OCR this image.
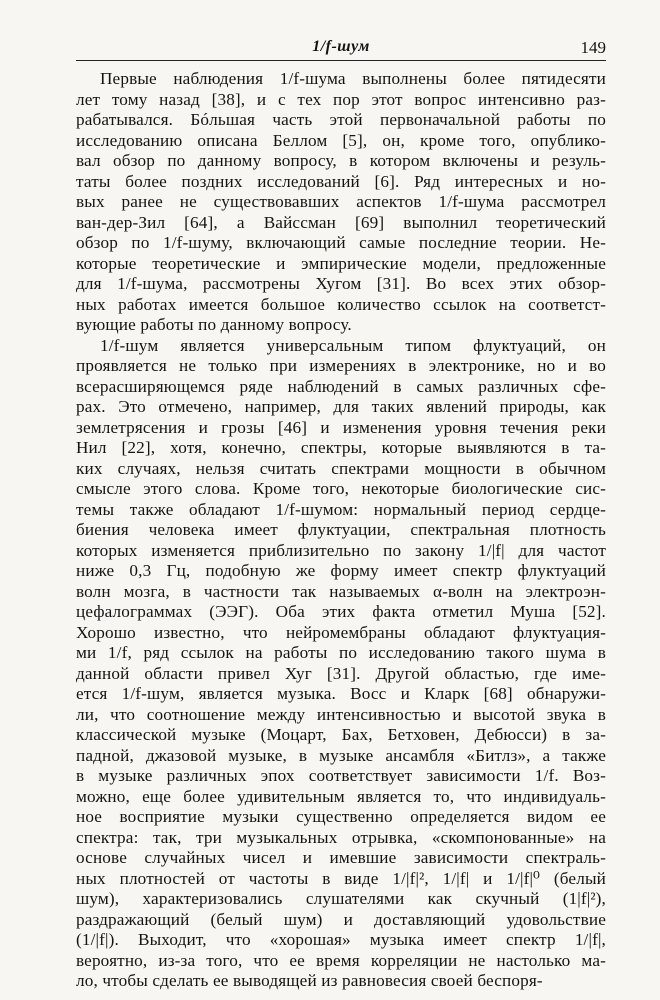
1/f-шум	149
Первые наблюдения 1/f-шума выполнены более пятидесяти
лет тому назад [38], и с тех пор этот вопрос интенсивно раз-
рабатывался. Бóльшая часть этой первоначальной работы по
исследованию описана Беллом [5], он, кроме того, опублико-
вал обзор по данному вопросу, в котором включены и резуль-
таты более поздних исследований [6]. Ряд интересных и но-
вых ранее не существовавших аспектов 1/f-шума рассмотрел
ван-дер-Зил [64], а Вайссман [69] выполнил теоретический
обзор по 1/f-шуму, включающий самые последние теории. Не-
которые теоретические и эмпирические модели, предложенные
для 1/f-шума, рассмотрены Хугом [31]. Во всех этих обзор-
ных работах имеется большое количество ссылок на соответст-
вующие работы по данному вопросу.
1/f-шум является универсальным типом флуктуаций, он
проявляется не только при измерениях в электронике, но и во
всерасширяющемся ряде наблюдений в самых различных сфе-
рах. Это отмечено, например, для таких явлений природы, как
землетрясения и грозы [46] и изменения уровня течения реки
Нил [22], хотя, конечно, спектры, которые выявляются в та-
ких случаях, нельзя считать спектрами мощности в обычном
смысле этого слова. Кроме того, некоторые биологические сис-
темы также обладают 1/f-шумом: нормальный период сердце-
биения человека имеет флуктуации, спектральная плотность
которых изменяется приблизительно по закону 1/|f| для частот
ниже 0,3 Гц, подобную же форму имеет спектр флуктуаций
волн мозга, в частности так называемых α-волн на электроэн-
цефалограммах (ЭЭГ). Оба этих факта отметил Муша [52].
Хорошо известно, что нейромембраны обладают флуктуация-
ми 1/f, ряд ссылок на работы по исследованию такого шума в
данной области привел Хуг [31]. Другой областью, где име-
ется 1/f-шум, является музыка. Восс и Кларк [68] обнаружи-
ли, что соотношение между интенсивностью и высотой звука в
классической музыке (Моцарт, Бах, Бетховен, Дебюсси) в за-
падной, джазовой музыке, в музыке ансамбля «Битлз», а также
в музыке различных эпох соответствует зависимости 1/f. Воз-
можно, еще более удивительным является то, что индивидуаль-
ное восприятие музыки существенно определяется видом ее
спектра: так, три музыкальных отрывка, «скомпонованные» на
основе случайных чисел и имевшие зависимости спектраль-
ных плотностей от частоты в виде 1/|f|², 1/|f| и 1/|f|⁰ (белый
шум), характеризовались слушателями как скучный (1|f|²),
раздражающий (белый шум) и доставляющий удовольствие
(1/|f|). Выходит, что «хорошая» музыка имеет спектр 1/|f|,
вероятно, из-за того, что ее время корреляции не настолько ма-
ло, чтобы сделать ее выводящей из равновесия своей беспоря-
